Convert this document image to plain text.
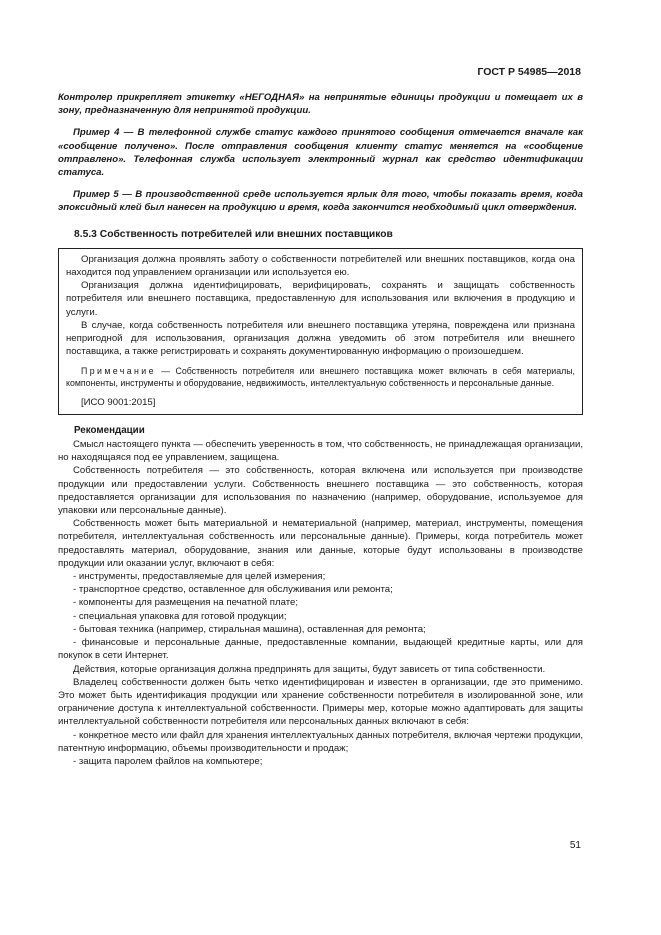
ГОСТ Р 54985—2018

Контролер прикрепляет этикетку «НЕГОДНАЯ» на непринятые единицы продукции и помещает их в зону, предназначенную для непринятой продукции.

Пример 4 — В телефонной службе статус каждого принятого сообщения отмечается вначале как «сообщение получено». После отправления сообщения клиенту статус меняется на «сообщение отправлено». Телефонная служба использует электронный журнал как средство идентификации статуса.

Пример 5 — В производственной среде используется ярлык для того, чтобы показать время, когда эпоксидный клей был нанесен на продукцию и время, когда закончится необходимый цикл отверждения.

8.5.3 Собственность потребителей или внешних поставщиков

Организация должна проявлять заботу о собственности потребителей или внешних поставщиков, когда она находится под управлением организации или используется ею.

Организация должна идентифицировать, верифицировать, сохранять и защищать собственность потребителя или внешнего поставщика, предоставленную для использования или включения в продукцию и услуги.

В случае, когда собственность потребителя или внешнего поставщика утеряна, повреждена или признана непригодной для использования, организация должна уведомить об этом потребителя или внешнего поставщика, а также регистрировать и сохранять документированную информацию о произошедшем.

Примечание — Собственность потребителя или внешнего поставщика может включать в себя материалы, компоненты, инструменты и оборудование, недвижимость, интеллектуальную собственность и персональные данные.

[ИСО 9001:2015]

Рекомендации

Смысл настоящего пункта — обеспечить уверенность в том, что собственность, не принадлежащая организации, но находящаяся под ее управлением, защищена.

Собственность потребителя — это собственность, которая включена или используется при производстве продукции или предоставлении услуги. Собственность внешнего поставщика — это собственность, которая предоставляется организации для использования по назначению (например, оборудование, используемое для упаковки или персональные данные).

Собственность может быть материальной и нематериальной (например, материал, инструменты, помещения потребителя, интеллектуальная собственность или персональные данные). Примеры, когда потребитель может предоставлять материал, оборудование, знания или данные, которые будут использованы в производстве продукции или оказании услуг, включают в себя:

- инструменты, предоставляемые для целей измерения;

- транспортное средство, оставленное для обслуживания или ремонта;

- компоненты для размещения на печатной плате;

- специальная упаковка для готовой продукции;

- бытовая техника (например, стиральная машина), оставленная для ремонта;

- финансовые и персональные данные, предоставленные компании, выдающей кредитные карты, или для покупок в сети Интернет.

Действия, которые организация должна предпринять для защиты, будут зависеть от типа собственности.

Владелец собственности должен быть четко идентифицирован и известен в организации, где это применимо. Это может быть идентификация продукции или хранение собственности потребителя в изолированной зоне, или ограничение доступа к интеллектуальной собственности. Примеры мер, которые можно адаптировать для защиты интеллектуальной собственности потребителя или персональных данных включают в себя:

- конкретное место или файл для хранения интеллектуальных данных потребителя, включая чертежи продукции, патентную информацию, объемы производительности и продаж;

- защита паролем файлов на компьютере;

51
